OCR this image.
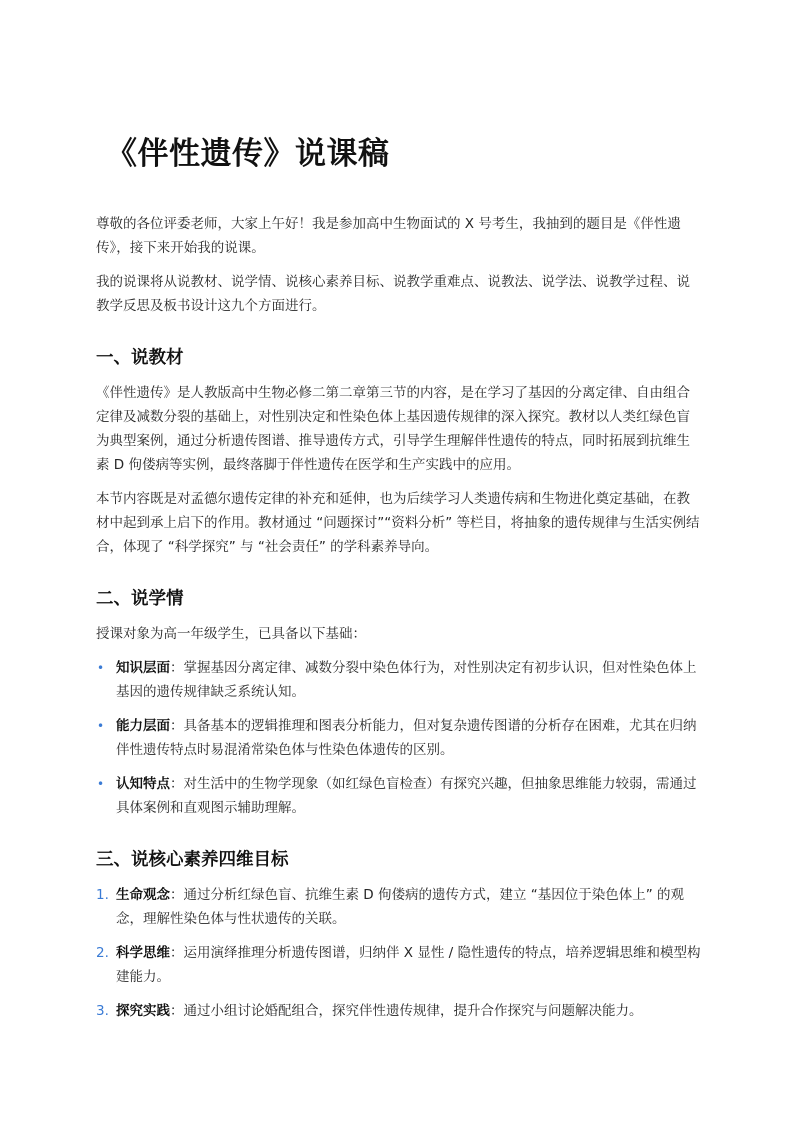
《伴性遗传》说课稿

尊敬的各位评委老师，大家上午好！我是参加高中生物面试的 X 号考生，我抽到的题目是《伴性遗传》，接下来开始我的说课。

我的说课将从说教材、说学情、说核心素养目标、说教学重难点、说教法、说学法、说教学过程、说教学反思及板书设计这九个方面进行。

一、说教材

《伴性遗传》是人教版高中生物必修二第二章第三节的内容，是在学习了基因的分离定律、自由组合定律及减数分裂的基础上，对性别决定和性染色体上基因遗传规律的深入探究。教材以人类红绿色盲为典型案例，通过分析遗传图谱、推导遗传方式，引导学生理解伴性遗传的特点，同时拓展到抗维生素 D 佝偻病等实例，最终落脚于伴性遗传在医学和生产实践中的应用。

本节内容既是对孟德尔遗传定律的补充和延伸，也为后续学习人类遗传病和生物进化奠定基础，在教材中起到承上启下的作用。教材通过 “问题探讨”“资料分析” 等栏目，将抽象的遗传规律与生活实例结合，体现了 “科学探究” 与 “社会责任” 的学科素养导向。

二、说学情

授课对象为高一年级学生，已具备以下基础：

• 知识层面：掌握基因分离定律、减数分裂中染色体行为，对性别决定有初步认识，但对性染色体上基因的遗传规律缺乏系统认知。
• 能力层面：具备基本的逻辑推理和图表分析能力，但对复杂遗传图谱的分析存在困难，尤其在归纳伴性遗传特点时易混淆常染色体与性染色体遗传的区别。
• 认知特点：对生活中的生物学现象（如红绿色盲检查）有探究兴趣，但抽象思维能力较弱，需通过具体案例和直观图示辅助理解。
三、说核心素养四维目标
1. 生命观念：通过分析红绿色盲、抗维生素 D 佝偻病的遗传方式，建立 “基因位于染色体上” 的观念，理解性染色体与性状遗传的关联。
2. 科学思维：运用演绎推理分析遗传图谱，归纳伴 X 显性 / 隐性遗传的特点，培养逻辑思维和模型构建能力。
3. 探究实践：通过小组讨论婚配组合，探究伴性遗传规律，提升合作探究与问题解决能力。
